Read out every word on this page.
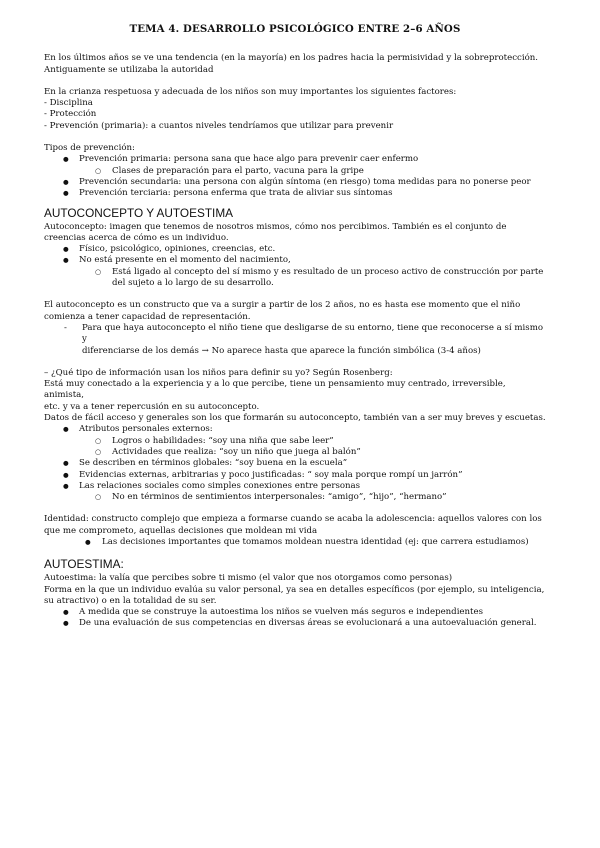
TEMA 4. DESARROLLO PSICOLÓGICO ENTRE 2–6 AÑOS

En los últimos años se ve una tendencia (en la mayoría) en los padres hacia la permisividad y la sobreprotección.

Antiguamente se utilizaba la autoridad

En la crianza respetuosa y adecuada de los niños son muy importantes los siguientes factores:

- Disciplina

- Protección

- Prevención (primaria): a cuantos niveles tendríamos que utilizar para prevenir

Tipos de prevención:

● Prevención primaria: persona sana que hace algo para prevenir caer enfermo
○ Clases de preparación para el parto, vacuna para la gripe
● Prevención secundaria: una persona con algún síntoma (en riesgo) toma medidas para no ponerse peor
● Prevención terciaria: persona enferma que trata de aliviar sus síntomas
AUTOCONCEPTO Y AUTOESTIMA

Autoconcepto: imagen que tenemos de nosotros mismos, cómo nos percibimos. También es el conjunto de

creencias acerca de cómo es un individuo.

● Físico, psicológico, opiniones, creencias, etc.
● No está presente en el momento del nacimiento,
○ Está ligado al concepto del sí mismo y es resultado de un proceso activo de construcción por parte
del sujeto a lo largo de su desarrollo.

El autoconcepto es un constructo que va a surgir a partir de los 2 años, no es hasta ese momento que el niño

comienza a tener capacidad de representación.

- Para que haya autoconcepto el niño tiene que desligarse de su entorno, tiene que reconocerse a sí mismo y
diferenciarse de los demás → No aparece hasta que aparece la función simbólica (3-4 años)

– ¿Qué tipo de información usan los niños para definir su yo? Según Rosenberg:

Está muy conectado a la experiencia y a lo que percibe, tiene un pensamiento muy centrado, irreversible, animista,

etc. y va a tener repercusión en su autoconcepto.

Datos de fácil acceso y generales son los que formarán su autoconcepto, también van a ser muy breves y escuetas.

● Atributos personales externos:
○ Logros o habilidades: “soy una niña que sabe leer”
○ Actividades que realiza: “soy un niño que juega al balón”
● Se describen en términos globales: “soy buena en la escuela”
● Evidencias externas, arbitrarias y poco justificadas: “ soy mala porque rompí un jarrón”
● Las relaciones sociales como simples conexiones entre personas
○ No en términos de sentimientos interpersonales: “amigo”, “hijo”, “hermano”

Identidad: constructo complejo que empieza a formarse cuando se acaba la adolescencia: aquellos valores con los

que me comprometo, aquellas decisiones que moldean mi vida

● Las decisiones importantes que tomamos moldean nuestra identidad (ej: que carrera estudiamos)
AUTOESTIMA:

Autoestima: la valía que percibes sobre ti mismo (el valor que nos otorgamos como personas)

Forma en la que un individuo evalúa su valor personal, ya sea en detalles específicos (por ejemplo, su inteligencia,

su atractivo) o en la totalidad de su ser.

● A medida que se construye la autoestima los niños se vuelven más seguros e independientes
● De una evaluación de sus competencias en diversas áreas se evolucionará a una autoevaluación general.
